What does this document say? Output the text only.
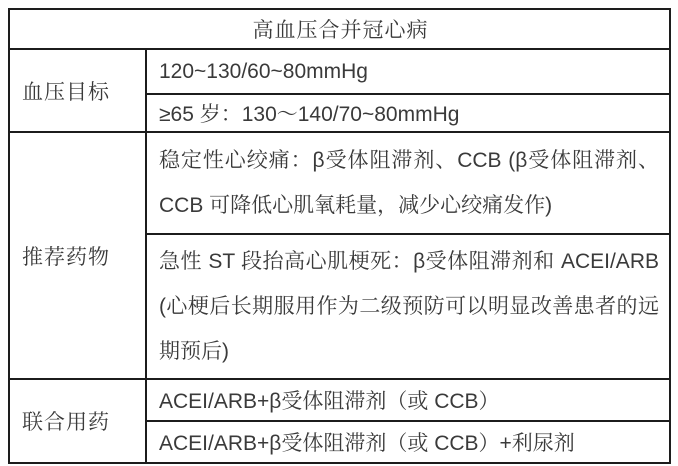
高血压合并冠心病	
血压目标	120~130/60~80mmHg
	≥65 岁：130～140/70~80mmHg
推荐药物	稳定性心绞痛：β受体阻滞剂、CCB (β受体阻滞剂、CCB 可降低心肌氧耗量，减少心绞痛发作)
	急性 ST 段抬高心肌梗死：β受体阻滞剂和 ACEI/ARB (心梗后长期服用作为二级预防可以明显改善患者的远期预后)
联合用药	ACEI/ARB+β受体阻滞剂（或 CCB）
	ACEI/ARB+β受体阻滞剂（或 CCB）+利尿剂
